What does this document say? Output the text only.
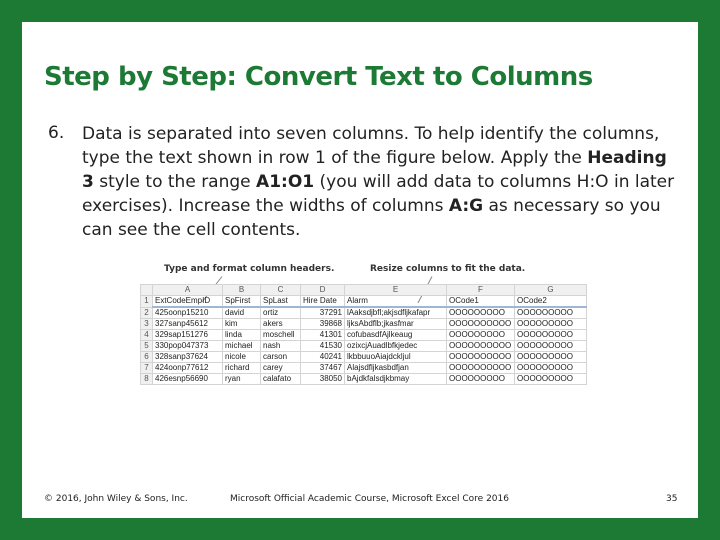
Step by Step: Convert Text to Columns
6. Data is separated into seven columns. To help identify the columns, type the text shown in row 1 of the figure below. Apply the Heading 3 style to the range A1:O1 (you will add data to columns H:O in later exercises). Increase the widths of columns A:G as necessary so you can see the cell contents.
Type and format column headers.	Resize columns to fit the data.
	A	B	C	D	E	F	G
1	ExtCodeEmpID	SpFirst	SpLast	Hire Date	Alarm	OCode1	OCode2
2	425oonp15210	david	ortiz	37291	lAaksdjbfl;akjsdfljkafapr	OOOOOOOOO	OOOOOOOOO
3	327sanp45612	kim	akers	39868	ljksAbdflb;jkasfmar	OOOOOOOOOO	OOOOOOOOO
4	329sap151276	linda	moschell	41301	cofubasdfAjlkeaug	OOOOOOOOO	OOOOOOOOO
5	330pop047373	michael	nash	41530	ozixcjAuadlbfkjedec	OOOOOOOOOO	OOOOOOOOO
6	328sanp37624	nicole	carson	40241	lkbbuuoAiajdckljul	OOOOOOOOOO	OOOOOOOOO
7	424oonp77612	richard	carey	37467	Alajsdfljkasbdfjan	OOOOOOOOOO	OOOOOOOOO
8	426esnp56690	ryan	calafato	38050	bAjdkfalsdjkbmay	OOOOOOOOO	OOOOOOOOO
© 2016, John Wiley & Sons, Inc.	Microsoft Official Academic Course, Microsoft Excel Core 2016	35
